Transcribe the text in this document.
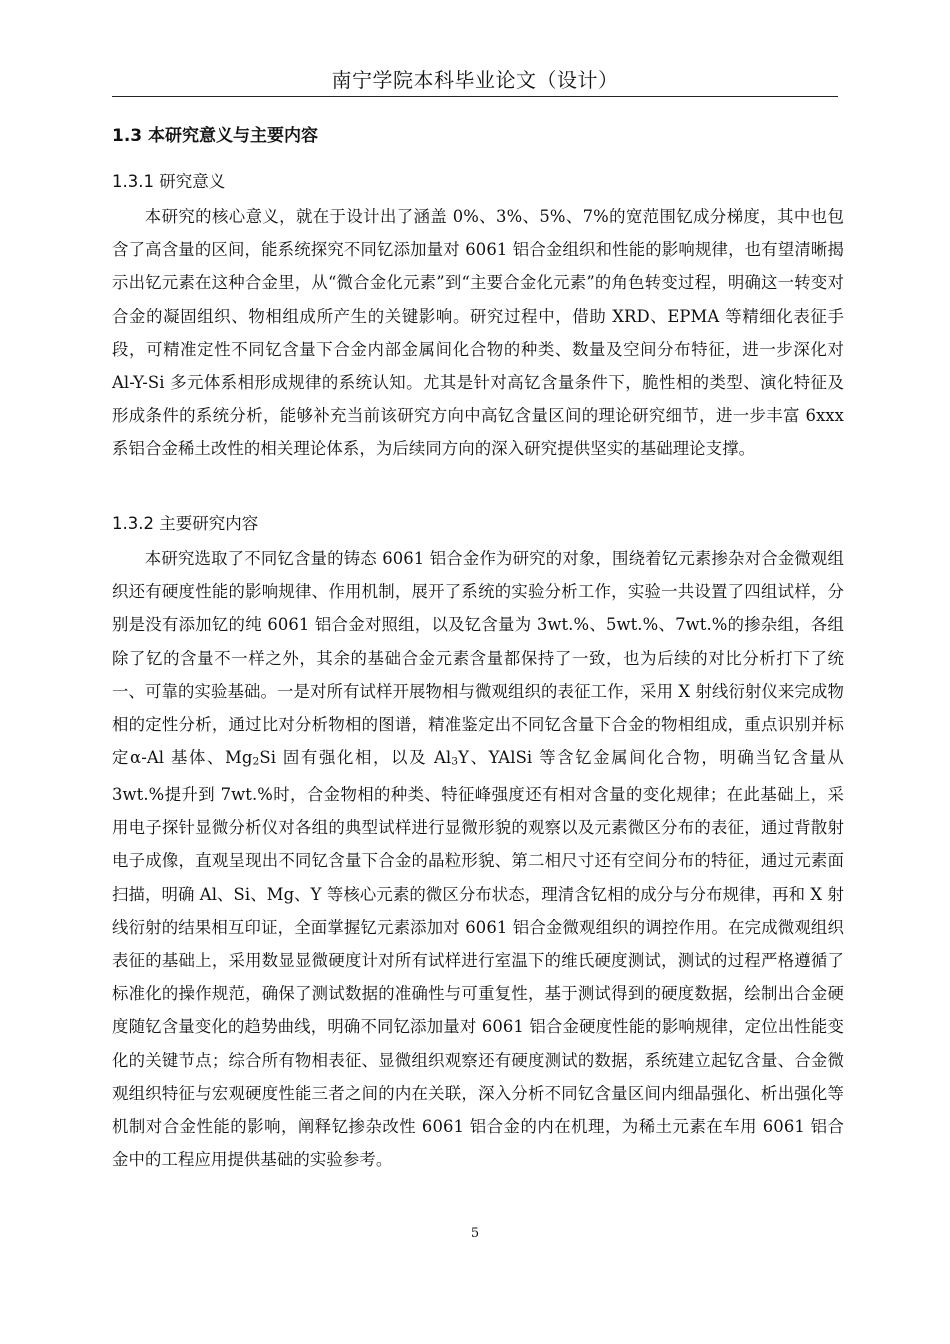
南宁学院本科毕业论文（设计）
1.3 本研究意义与主要内容
1.3.1 研究意义

本研究的核心意义，就在于设计出了涵盖 0%、3%、5%、7%的宽范围钇成分梯度，其中也包含了高含量的区间，能系统探究不同钇添加量对 6061 铝合金组织和性能的影响规律，也有望清晰揭示出钇元素在这种合金里，从“微合金化元素”到“主要合金化元素”的角色转变过程，明确这一转变对合金的凝固组织、物相组成所产生的关键影响。研究过程中，借助 XRD、EPMA 等精细化表征手段，可精准定性不同钇含量下合金内部金属间化合物的种类、数量及空间分布特征，进一步深化对 Al-Y-Si 多元体系相形成规律的系统认知。尤其是针对高钇含量条件下，脆性相的类型、演化特征及形成条件的系统分析，能够补充当前该研究方向中高钇含量区间的理论研究细节，进一步丰富 6xxx 系铝合金稀土改性的相关理论体系，为后续同方向的深入研究提供坚实的基础理论支撑。

1.3.2 主要研究内容

本研究选取了不同钇含量的铸态 6061 铝合金作为研究的对象，围绕着钇元素掺杂对合金微观组织还有硬度性能的影响规律、作用机制，展开了系统的实验分析工作，实验一共设置了四组试样，分别是没有添加钇的纯 6061 铝合金对照组，以及钇含量为 3wt.%、5wt.%、7wt.%的掺杂组，各组除了钇的含量不一样之外，其余的基础合金元素含量都保持了一致，也为后续的对比分析打下了统一、可靠的实验基础。一是对所有试样开展物相与微观组织的表征工作，采用 X 射线衍射仪来完成物相的定性分析，通过比对分析物相的图谱，精准鉴定出不同钇含量下合金的物相组成，重点识别并标定α-Al 基体、Mg2Si 固有强化相，以及 Al3Y、YAlSi 等含钇金属间化合物，明确当钇含量从 3wt.%提升到 7wt.%时，合金物相的种类、特征峰强度还有相对含量的变化规律；在此基础上，采用电子探针显微分析仪对各组的典型试样进行显微形貌的观察以及元素微区分布的表征，通过背散射电子成像，直观呈现出不同钇含量下合金的晶粒形貌、第二相尺寸还有空间分布的特征，通过元素面扫描，明确 Al、Si、Mg、Y 等核心元素的微区分布状态，理清含钇相的成分与分布规律，再和 X 射线衍射的结果相互印证，全面掌握钇元素添加对 6061 铝合金微观组织的调控作用。在完成微观组织表征的基础上，采用数显显微硬度计对所有试样进行室温下的维氏硬度测试，测试的过程严格遵循了标准化的操作规范，确保了测试数据的准确性与可重复性，基于测试得到的硬度数据，绘制出合金硬度随钇含量变化的趋势曲线，明确不同钇添加量对 6061 铝合金硬度性能的影响规律，定位出性能变化的关键节点；综合所有物相表征、显微组织观察还有硬度测试的数据，系统建立起钇含量、合金微观组织特征与宏观硬度性能三者之间的内在关联，深入分析不同钇含量区间内细晶强化、析出强化等机制对合金性能的影响，阐释钇掺杂改性 6061 铝合金的内在机理，为稀土元素在车用 6061 铝合金中的工程应用提供基础的实验参考。

5
